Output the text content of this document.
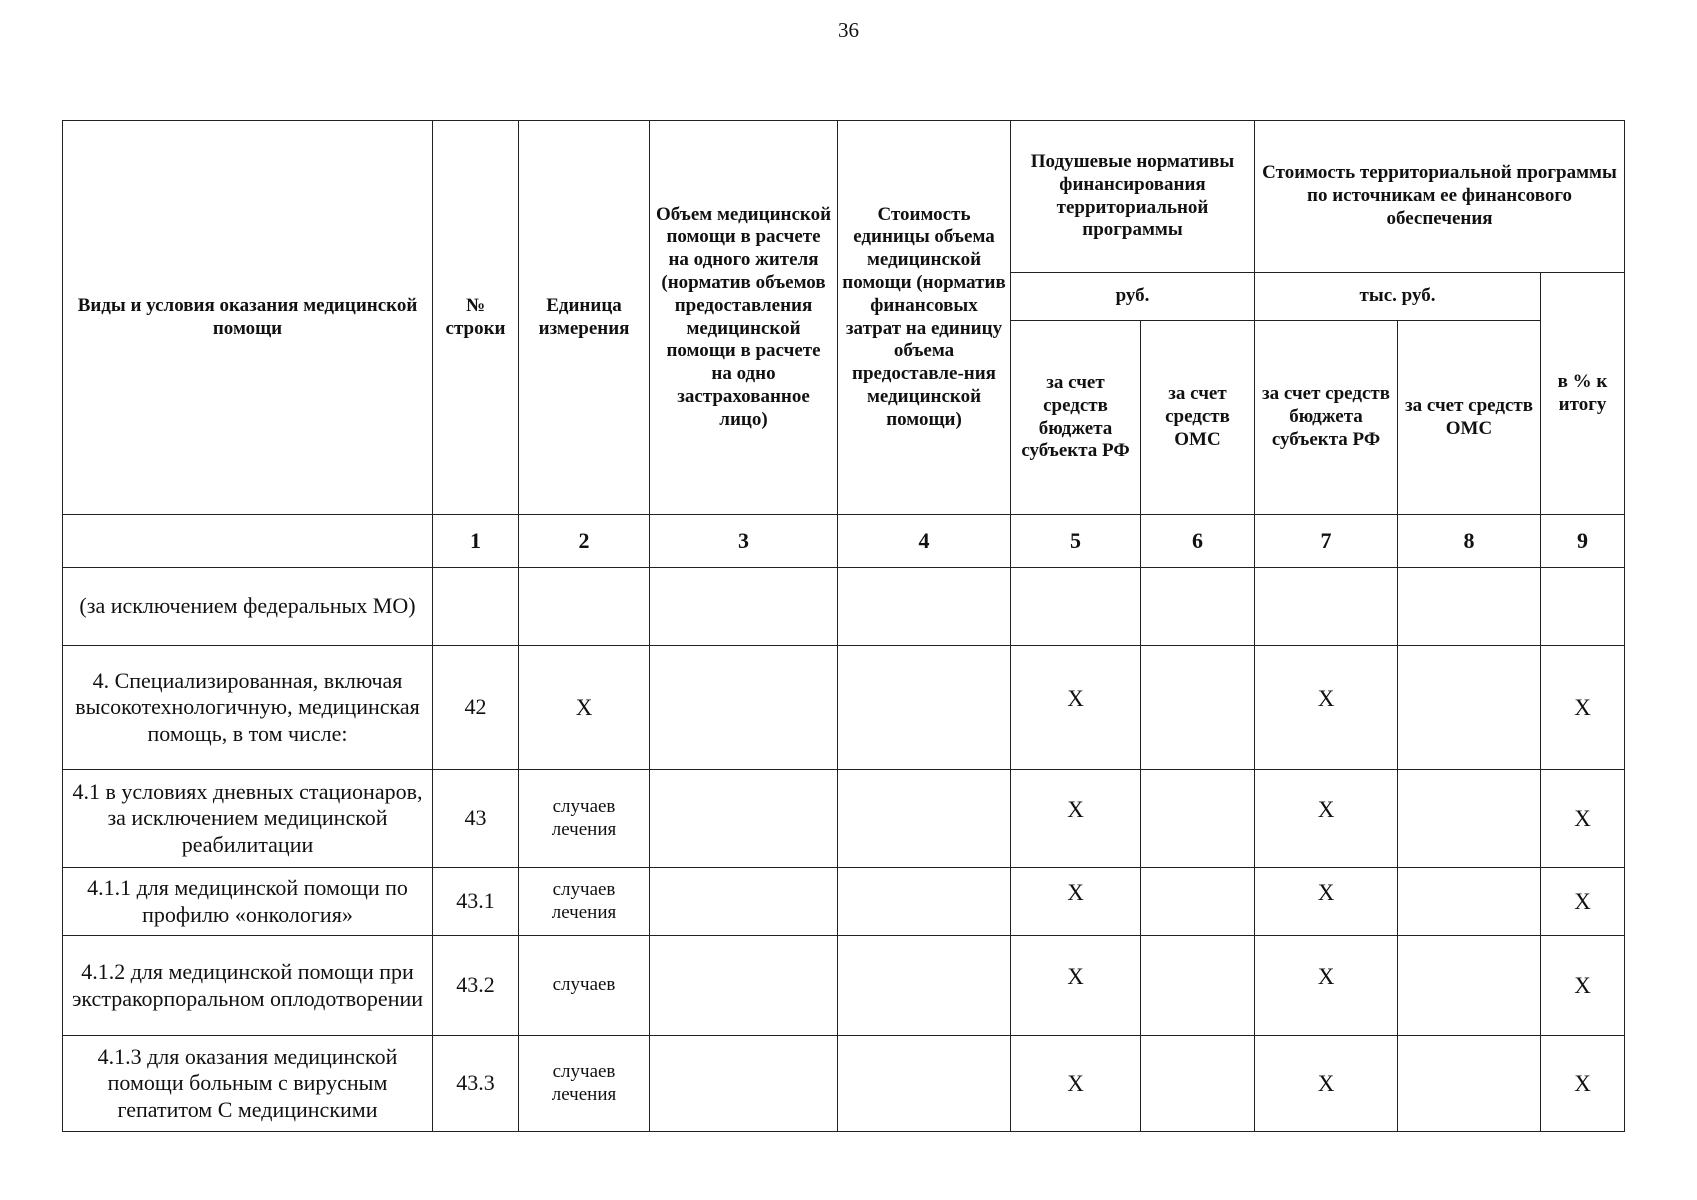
36
Виды и условия оказания медицинской помощи	№ строки	Единица измерения	Объем медицинской помощи в расчете на одного жителя (норматив объемов предоставления медицинской помощи в расчете на одно застрахованное лицо)	Стоимость единицы объема медицинской помощи (норматив финансовых затрат на единицу объема предоставле-ния медицинской помощи)	Подушевые нормативы финансирования территориальной программы		Стоимость территориальной программы по источникам ее финансового обеспечения		
					руб.		тыс. руб.		в % к итогу
					за счет средств бюджета субъекта РФ	за счет средств ОМС	за счет средств бюджета субъекта РФ	за счет средств ОМС	
	1	2	3	4	5	6	7	8	9
(за исключением федеральных МО)									
4. Специализированная, включая высокотехнологичную, медицинская помощь, в том числе:	42	Х			Х		Х		Х
4.1 в условиях дневных стационаров, за исключением медицинской реабилитации	43	случаев лечения			Х		Х		Х
4.1.1 для медицинской помощи по профилю «онкология»	43.1	случаев лечения			Х		Х		Х
4.1.2 для медицинской помощи при экстракорпоральном оплодотворении	43.2	случаев			Х		Х		Х
4.1.3 для оказания медицинской помощи больным с вирусным гепатитом С медицинскими	43.3	случаев лечения			Х		Х		Х
